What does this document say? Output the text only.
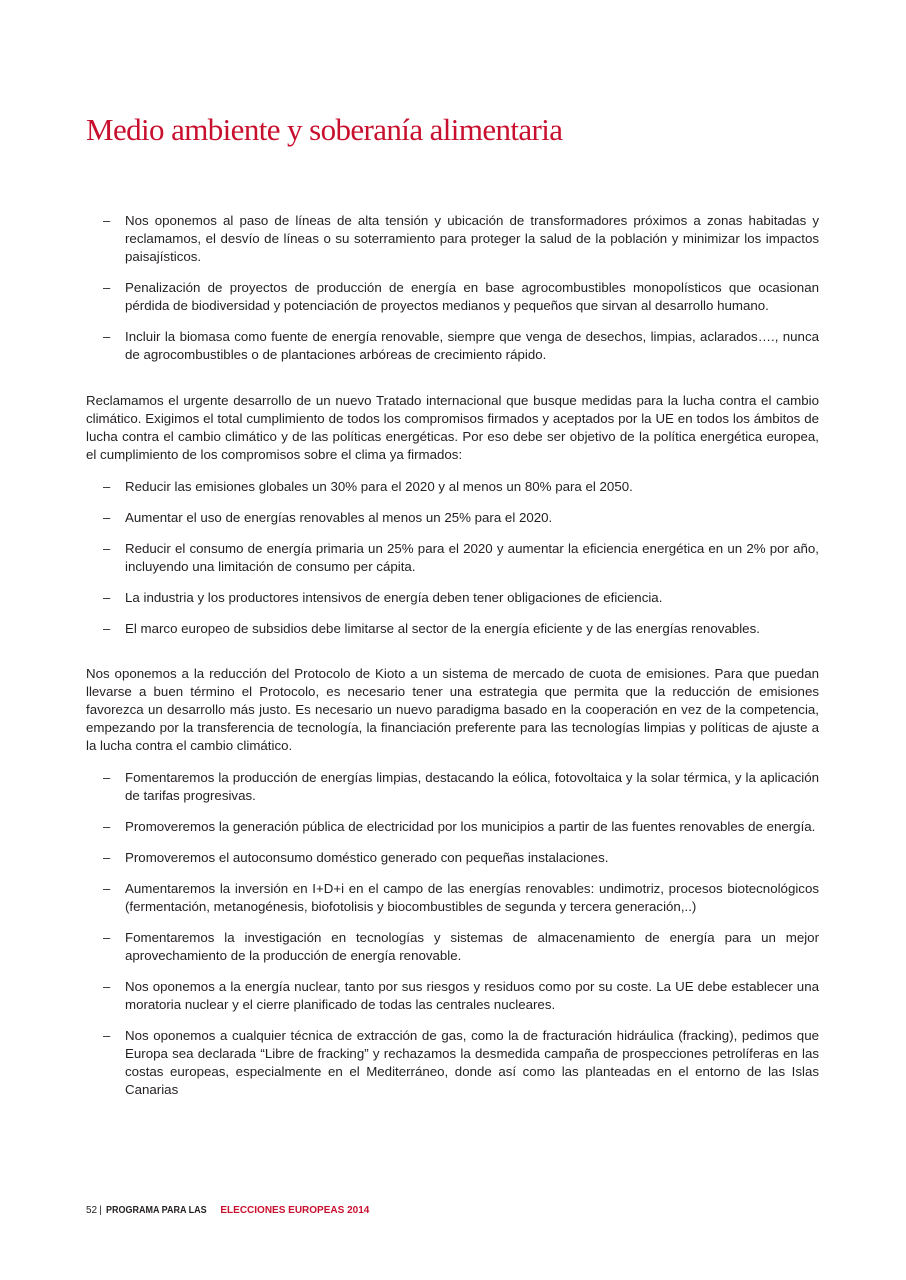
Medio ambiente y soberanía alimentaria
– Nos oponemos al paso de líneas de alta tensión y ubicación de transformadores próximos a zonas habitadas y reclamamos, el desvío de líneas o su soterramiento para proteger la salud de la población y minimizar los impactos paisajísticos.
– Penalización de proyectos de producción de energía en base agrocombustibles monopolísticos que ocasionan pérdida de biodiversidad y potenciación de proyectos medianos y pequeños que sirvan al desarrollo humano.
– Incluir la biomasa como fuente de energía renovable, siempre que venga de desechos, limpias, aclarados…., nunca de agrocombustibles o de plantaciones arbóreas de crecimiento rápido.

Reclamamos el urgente desarrollo de un nuevo Tratado internacional que busque medidas para la lucha contra el cambio climático. Exigimos el total cumplimiento de todos los compromisos firmados y aceptados por la UE en todos los ámbitos de lucha contra el cambio climático y de las políticas energéticas. Por eso debe ser objetivo de la política energética europea, el cumplimiento de los compromisos sobre el clima ya firmados:

– Reducir las emisiones globales un 30% para el 2020 y al menos un 80% para el 2050.
– Aumentar el uso de energías renovables al menos un 25% para el 2020.
– Reducir el consumo de energía primaria un 25% para el 2020 y aumentar la eficiencia energética en un 2% por año, incluyendo una limitación de consumo per cápita.
– La industria y los productores intensivos de energía deben tener obligaciones de eficiencia.
– El marco europeo de subsidios debe limitarse al sector de la energía eficiente y de las energías renovables.

Nos oponemos a la reducción del Protocolo de Kioto a un sistema de mercado de cuota de emisiones. Para que puedan llevarse a buen término el Protocolo, es necesario tener una estrategia que permita que la reducción de emisiones favorezca un desarrollo más justo. Es necesario un nuevo paradigma basado en la cooperación en vez de la competencia, empezando por la transferencia de tecnología, la financiación preferente para las tecnologías limpias y políticas de ajuste a la lucha contra el cambio climático.

– Fomentaremos la producción de energías limpias, destacando la eólica, fotovoltaica y la solar térmica, y la aplicación de tarifas progresivas.
– Promoveremos la generación pública de electricidad por los municipios a partir de las fuentes renovables de energía.
– Promoveremos el autoconsumo doméstico generado con pequeñas instalaciones.
– Aumentaremos la inversión en I+D+i en el campo de las energías renovables: undimotriz, procesos biotecnológicos (fermentación, metanogénesis, biofotolisis y biocombustibles de segunda y tercera generación,..)
– Fomentaremos la investigación en tecnologías y sistemas de almacenamiento de energía para un mejor aprovechamiento de la producción de energía renovable.
– Nos oponemos a la energía nuclear, tanto por sus riesgos y residuos como por su coste. La UE debe establecer una moratoria nuclear y el cierre planificado de todas las centrales nucleares.
– Nos oponemos a cualquier técnica de extracción de gas, como la de fracturación hidráulica (fracking), pedimos que Europa sea declarada “Libre de fracking” y rechazamos la desmedida campaña de prospecciones petrolíferas en las costas europeas, especialmente en el Mediterráneo, donde así como las planteadas en el entorno de las Islas Canarias
52 | PROGRAMA PARA LAS ELECCIONES EUROPEAS 2014
